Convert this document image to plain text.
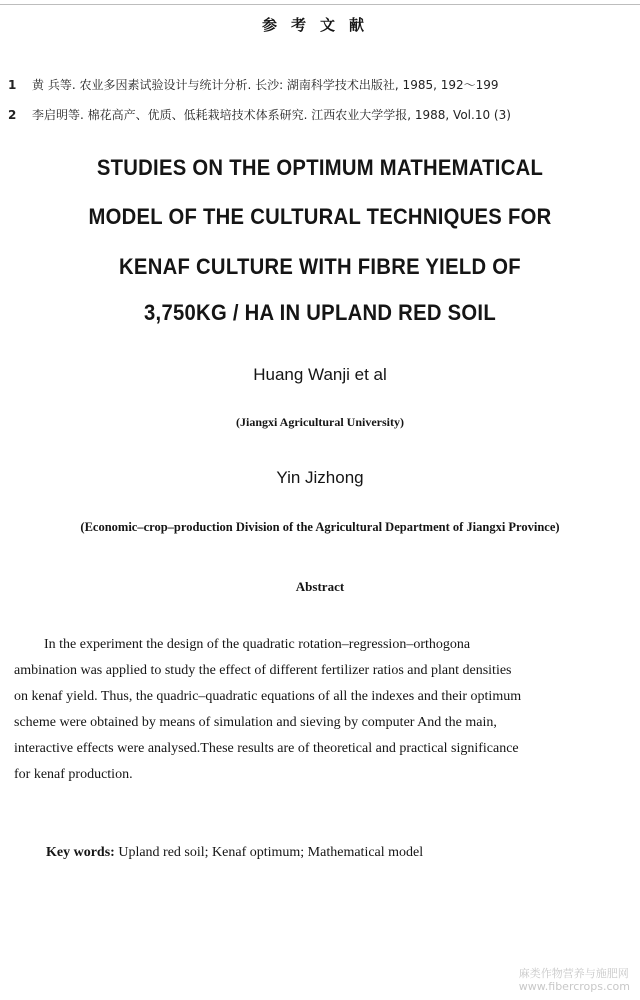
参考文献
1 黄 兵等. 农业多因素试验设计与统计分析. 长沙: 湖南科学技术出版社, 1985, 192～199
2 李启明等. 棉花高产、优质、低耗栽培技术体系研究. 江西农业大学学报, 1988, Vol.10 (3)
STUDIES ON THE OPTIMUM MATHEMATICAL
MODEL OF THE CULTURAL TECHNIQUES FOR
KENAF CULTURE WITH FIBRE YIELD OF
3,750KG / HA IN UPLAND RED SOIL
Huang Wanji et al
(Jiangxi Agricultural University)
Yin Jizhong
(Economic–crop–production Division of the Agricultural Department of Jiangxi Province)
Abstract
In the experiment the design of the quadratic rotation–regression–orthogona
ambination was applied to study the effect of different fertilizer ratios and plant densities
on kenaf yield. Thus, the quadric–quadratic equations of all the indexes and their optimum
scheme were obtained by means of simulation and sieving by computer And the main,
interactive effects were analysed.These results are of theoretical and practical significance
for kenaf production.
Key words: Upland red soil; Kenaf optimum; Mathematical model
麻类作物营养与施肥网
www.fibercrops.com
